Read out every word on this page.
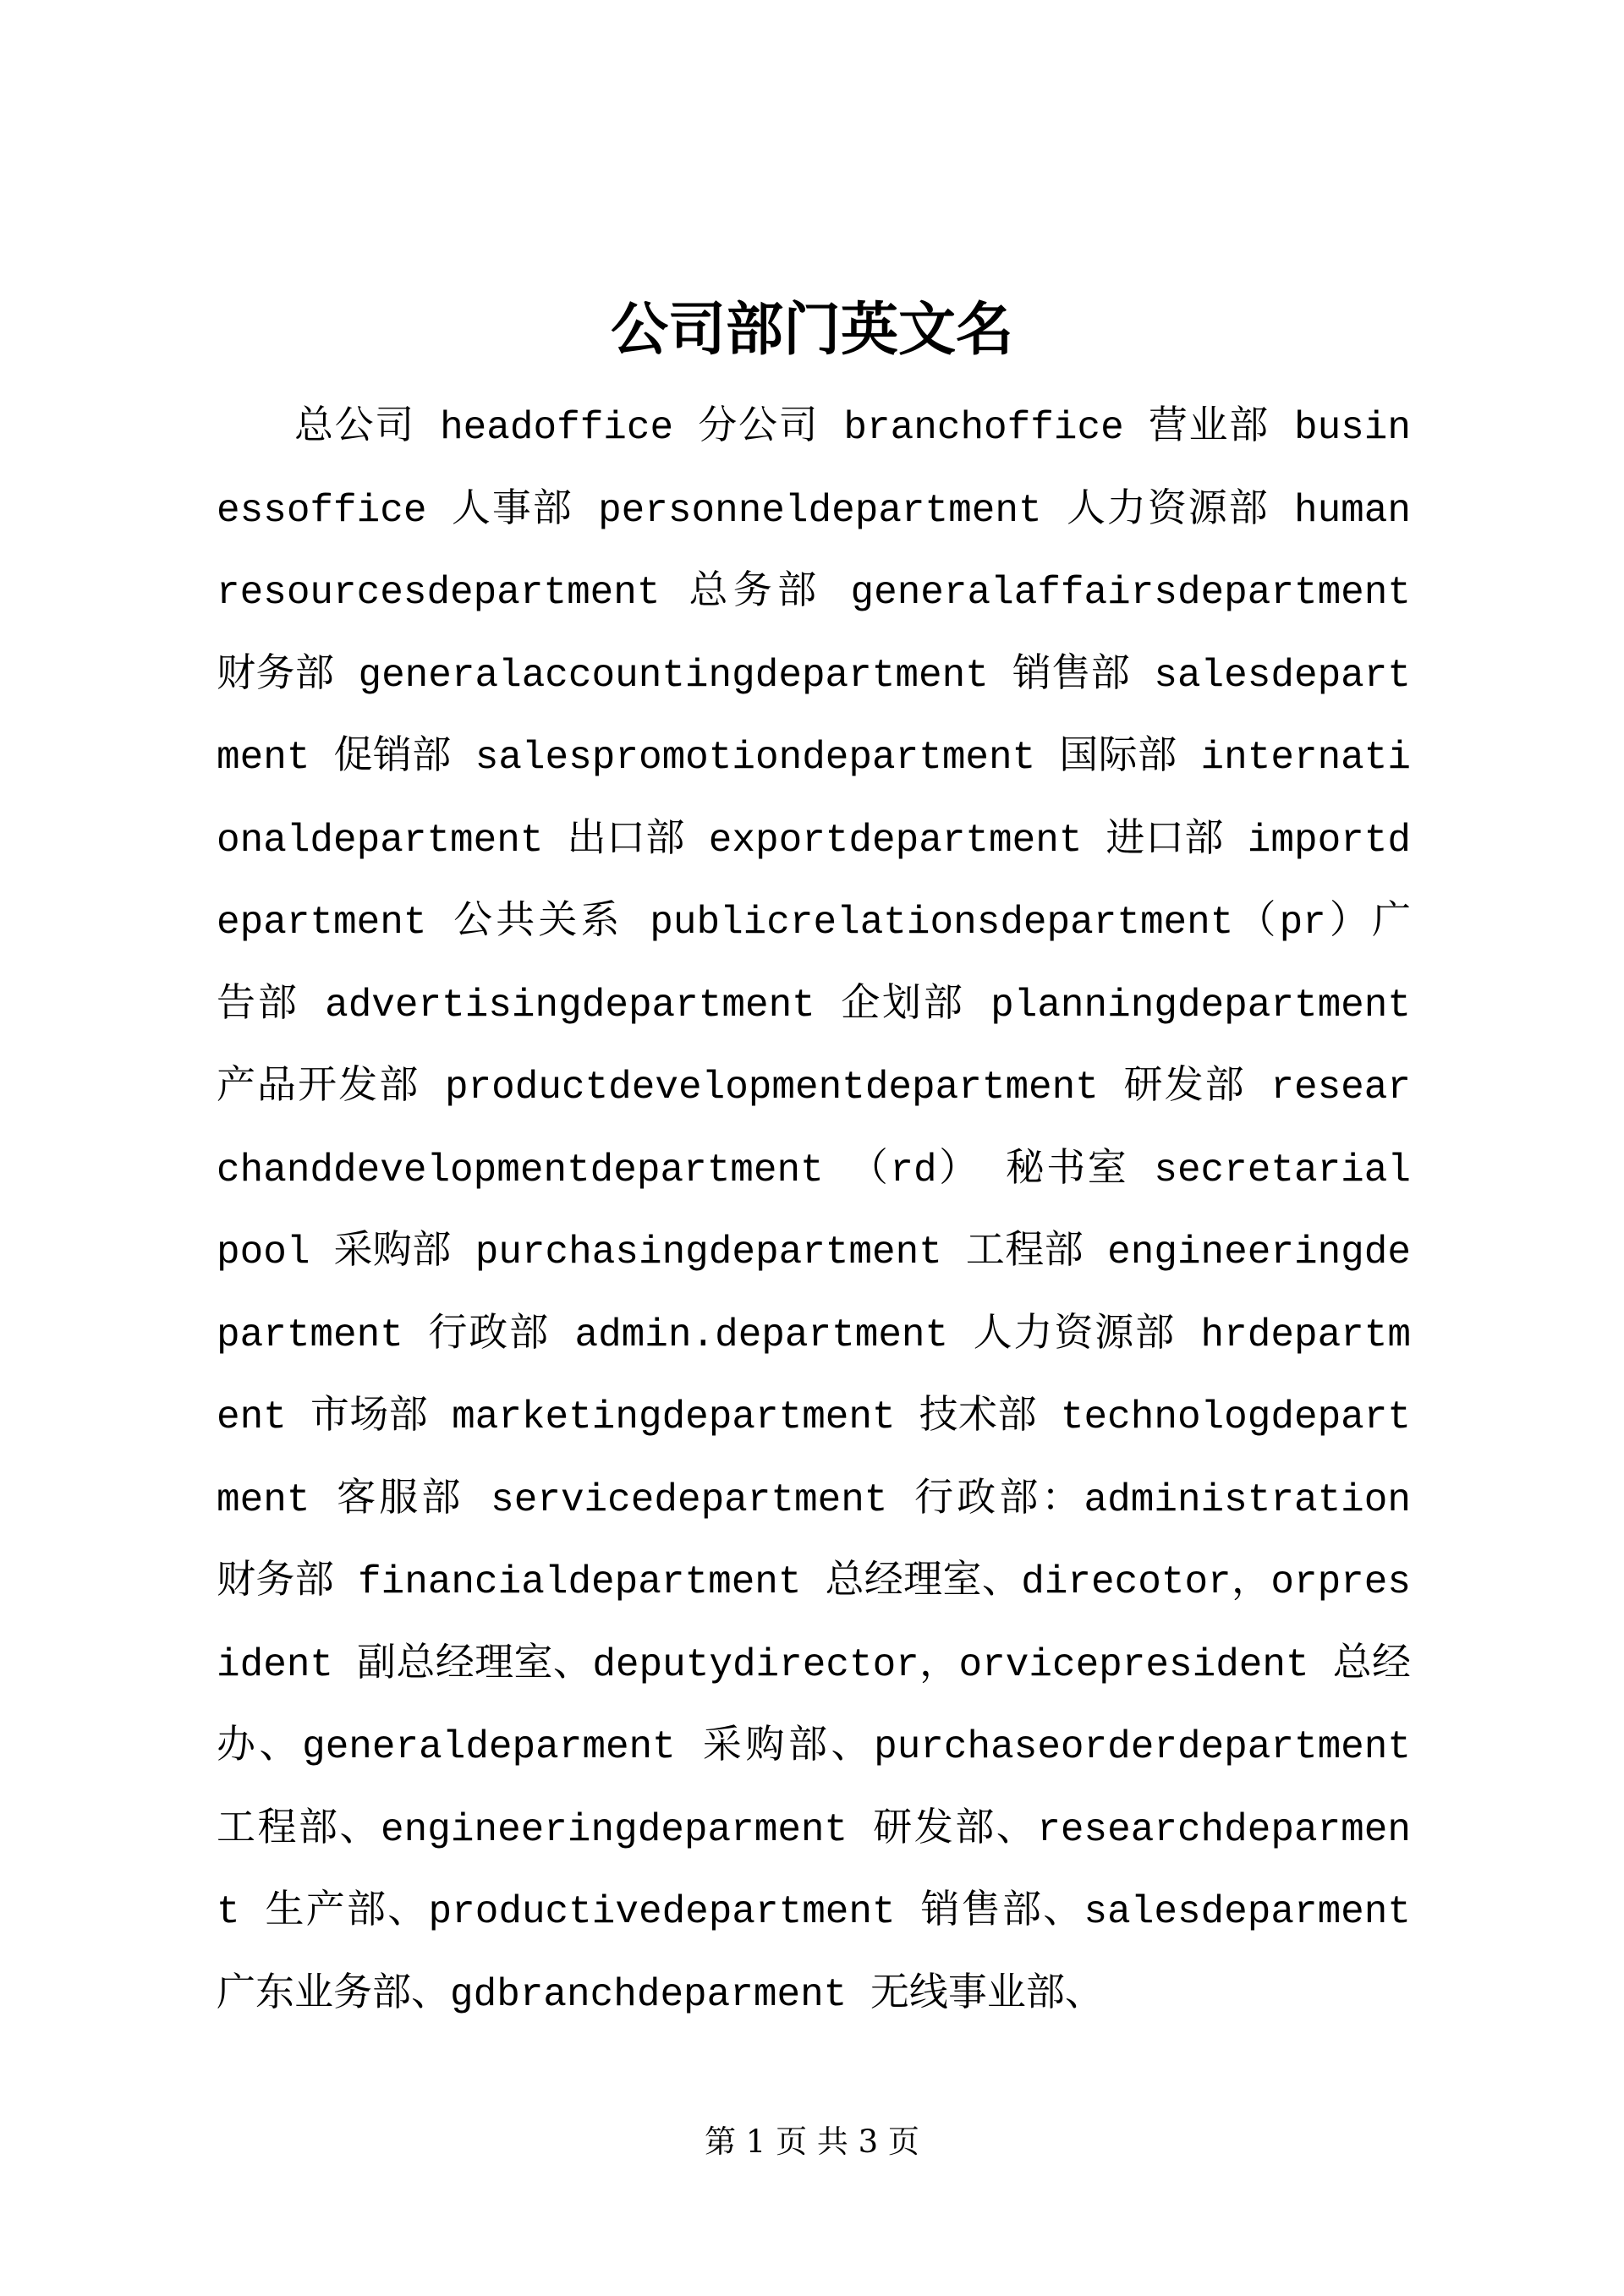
公司部门英文名

总公司 headoffice 分公司 branchoffice 营业部 businessoffice 人事部 personneldepartment 人力资源部 humanresourcesdepartment 总务部 generalaffairsdepartment 财务部 generalaccountingdepartment 销售部 salesdepartment 促销部 salespromotiondepartment 国际部 internationaldepartment 出口部 exportdepartment 进口部 importdepartment 公共关系 publicrelationsdepartment（pr）广告部 advertisingdepartment 企划部 planningdepartment 产品开发部 productdevelopmentdepartment 研发部 researchanddevelopmentdepartment （rd） 秘书室 secretarialpool 采购部 purchasingdepartment 工程部 engineeringdepartment 行政部 admin.department 人力资源部 hrdepartment 市场部 marketingdepartment 技术部 technologdepartment 客服部 servicedepartment 行政部：administration 财务部 financialdepartment 总经理室、direcotor，orpresident 副总经理室、deputydirector，orvicepresident 总经办、generaldeparment 采购部、purchaseorderdepartment 工程部、engineeringdeparment 研发部、researchdeparment 生产部、productivedepartment 销售部、salesdeparment 广东业务部、gdbranchdeparment 无线事业部、

第 1 页 共 3 页
